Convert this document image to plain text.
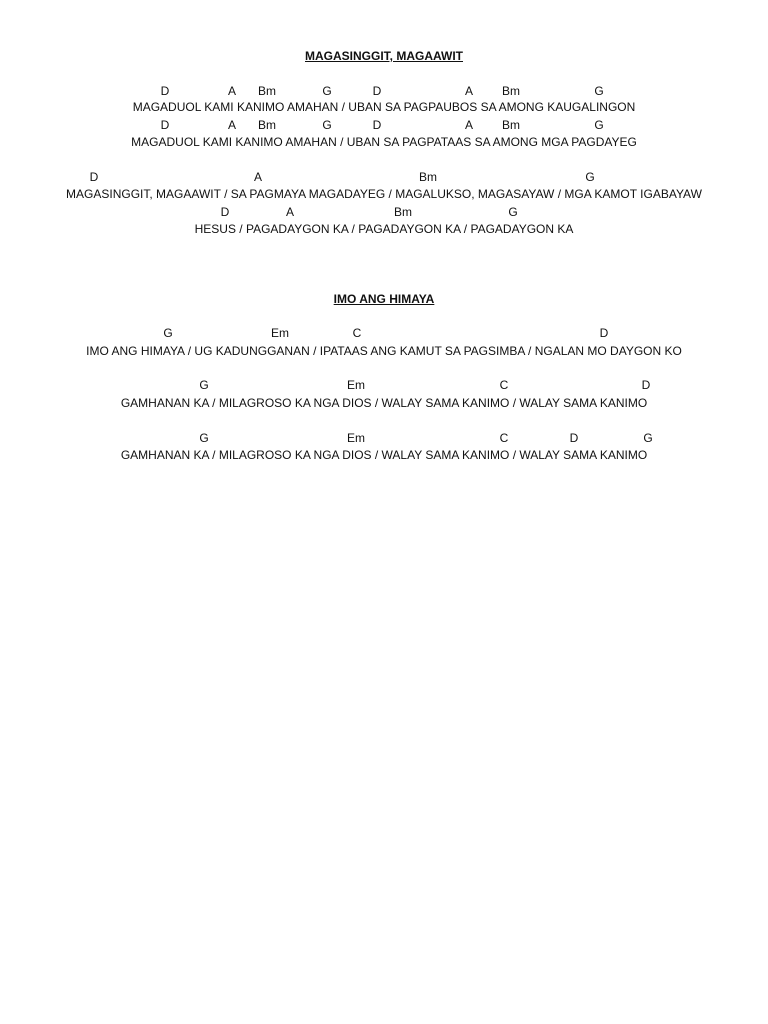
MAGASINGGIT, MAGAAWIT
D	A Bm	G	D	A Bm	G
MAGADUOL KAMI KANIMO AMAHAN / UBAN SA PAGPAUBOS SA AMONG KAUGALINGON
D	A Bm	G	D	A Bm	G
MAGADUOL KAMI KANIMO AMAHAN / UBAN SA PAGPATAAS SA AMONG MGA PAGDAYEG
D	A	Bm	G
MAGASINGGIT, MAGAAWIT / SA PAGMAYA MAGADAYEG / MAGALUKSO, MAGASAYAW / MGA KAMOT IGABAYAW
D	A	Bm	G
HESUS / PAGADAYGON KA / PAGADAYGON KA / PAGADAYGON KA
IMO ANG HIMAYA
G	Em	C	D
IMO ANG HIMAYA / UG KADUNGGANAN / IPATAAS ANG KAMUT SA PAGSIMBA / NGALAN MO DAYGON KO
G	Em	C	D
GAMHANAN KA / MILAGROSO KA NGA DIOS / WALAY SAMA KANIMO / WALAY SAMA KANIMO
G	Em	C	D	G
GAMHANAN KA / MILAGROSO KA NGA DIOS / WALAY SAMA KANIMO / WALAY SAMA KANIMO
